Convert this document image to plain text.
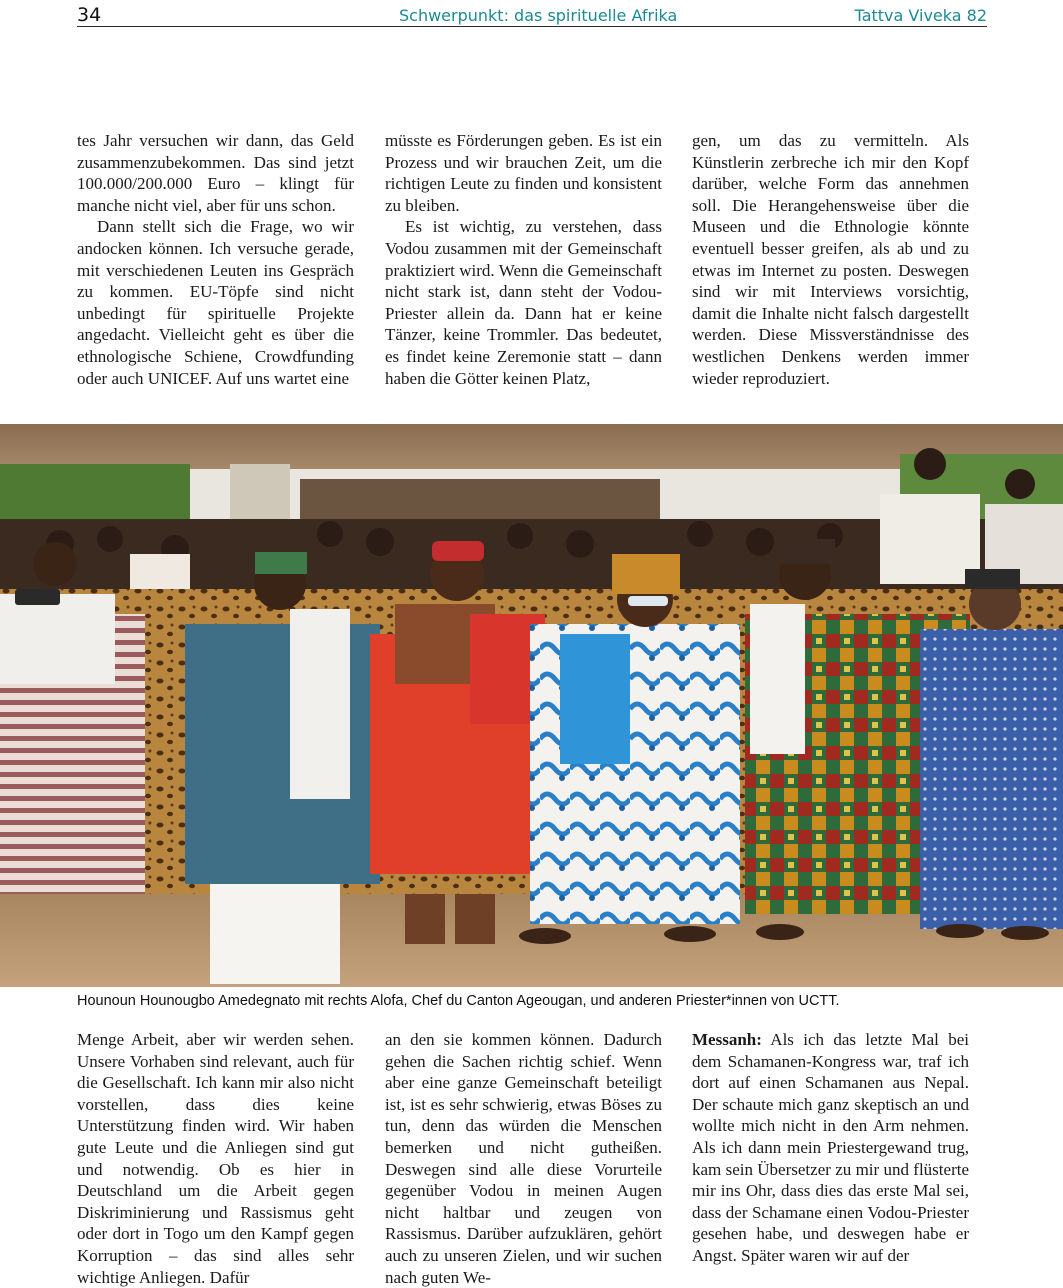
34	Schwerpunkt: das spirituelle Afrika	Tattva Viveka 82

tes Jahr versuchen wir dann, das Geld zusammenzubekommen. Das sind jetzt 100.000/200.000 Euro – klingt für manche nicht viel, aber für uns schon.

Dann stellt sich die Frage, wo wir andocken können. Ich versuche gerade, mit verschiedenen Leuten ins Gespräch zu kommen. EU-Töpfe sind nicht unbedingt für spirituelle Projekte angedacht. Vielleicht geht es über die ethnologische Schiene, Crowdfunding oder auch UNICEF. Auf uns wartet eine

müsste es Förderungen geben. Es ist ein Prozess und wir brauchen Zeit, um die richtigen Leute zu finden und konsistent zu bleiben.

Es ist wichtig, zu verstehen, dass Vodou zusammen mit der Gemeinschaft praktiziert wird. Wenn die Gemeinschaft nicht stark ist, dann steht der Vodou-Priester allein da. Dann hat er keine Tänzer, keine Trommler. Das bedeutet, es findet keine Zeremonie statt – dann haben die Götter keinen Platz,

gen, um das zu vermitteln. Als Künstlerin zerbreche ich mir den Kopf darüber, welche Form das annehmen soll. Die Herangehensweise über die Museen und die Ethnologie könnte eventuell besser greifen, als ab und zu etwas im Internet zu posten. Deswegen sind wir mit Interviews vorsichtig, damit die Inhalte nicht falsch dargestellt werden. Diese Missverständnisse des westlichen Denkens werden immer wieder reproduziert.

Hounoun Hounougbo Amedegnato mit rechts Alofa, Chef du Canton Ageougan, und anderen Priester*innen von UCTT.

Menge Arbeit, aber wir werden sehen. Unsere Vorhaben sind relevant, auch für die Gesellschaft. Ich kann mir also nicht vorstellen, dass dies keine Unterstützung finden wird. Wir haben gute Leute und die Anliegen sind gut und notwendig. Ob es hier in Deutschland um die Arbeit gegen Diskriminierung und Rassismus geht oder dort in Togo um den Kampf gegen Korruption – das sind alles sehr wichtige Anliegen. Dafür

an den sie kommen können. Dadurch gehen die Sachen richtig schief. Wenn aber eine ganze Gemeinschaft beteiligt ist, ist es sehr schwierig, etwas Böses zu tun, denn das würden die Menschen bemerken und nicht gutheißen. Deswegen sind alle diese Vorurteile gegenüber Vodou in meinen Augen nicht haltbar und zeugen von Rassismus. Darüber aufzuklären, gehört auch zu unseren Zielen, und wir suchen nach guten We-

Messanh: Als ich das letzte Mal bei dem Schamanen-Kongress war, traf ich dort auf einen Schamanen aus Nepal. Der schaute mich ganz skeptisch an und wollte mich nicht in den Arm nehmen. Als ich dann mein Priestergewand trug, kam sein Übersetzer zu mir und flüsterte mir ins Ohr, dass dies das erste Mal sei, dass der Schamane einen Vodou-Priester gesehen habe, und deswegen habe er Angst. Später waren wir auf der
